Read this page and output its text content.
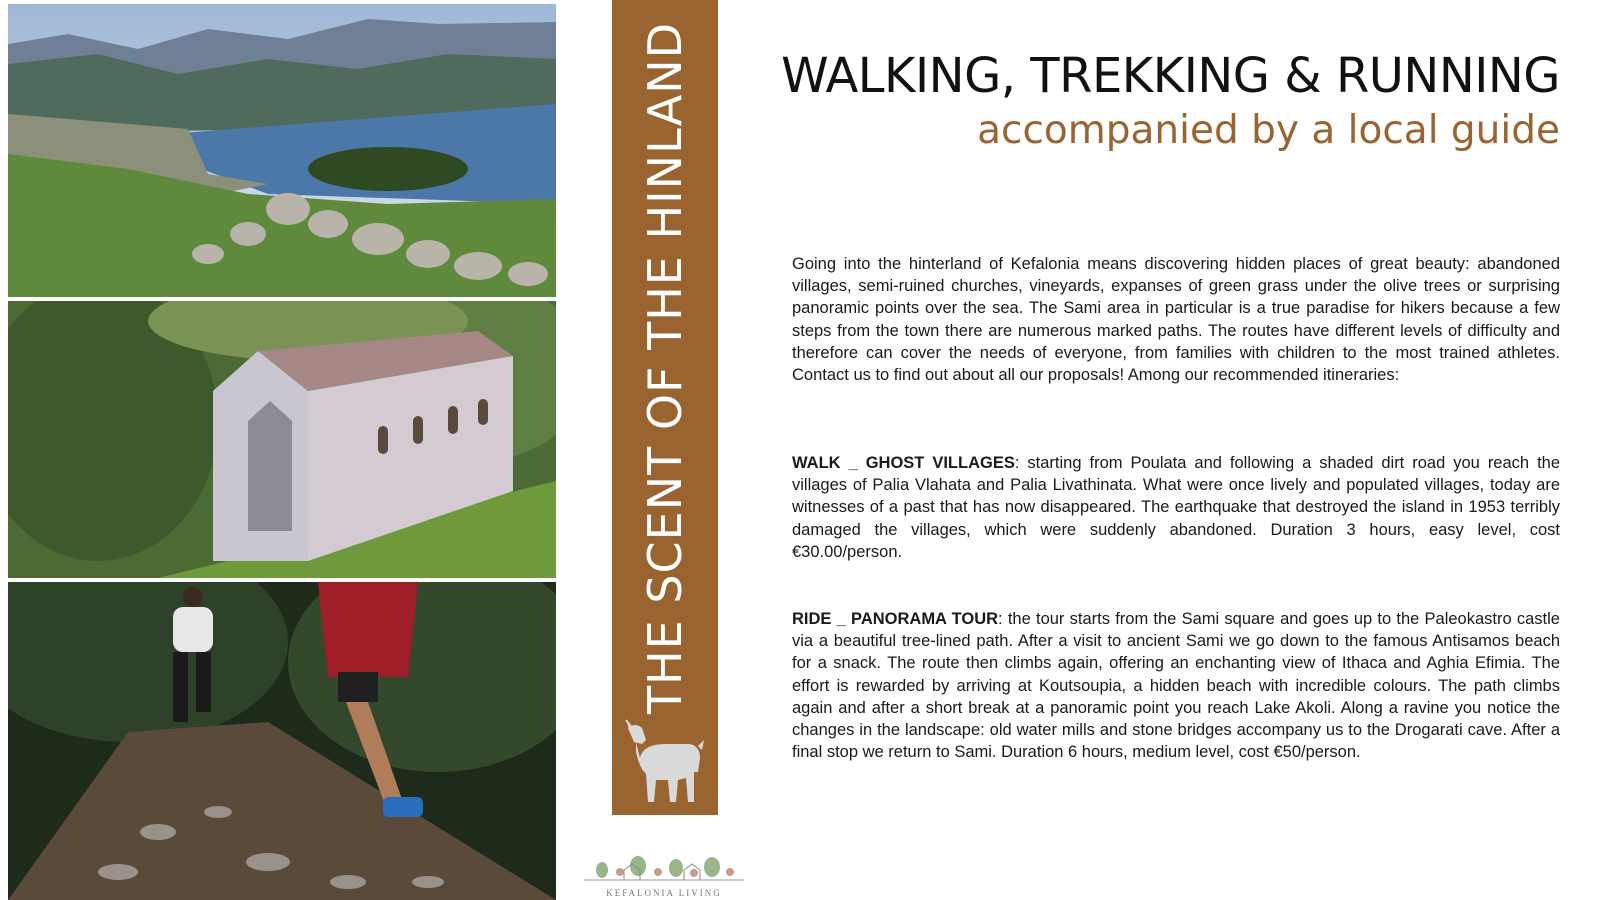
THE SCENT OF THE HINLAND
KEFALONIA LIVING
WALKING, TREKKING & RUNNING
accompanied by a local guide

Going into the hinterland of Kefalonia means discovering hidden places of great beauty: abandoned villages, semi-ruined churches, vineyards, expanses of green grass under the olive trees or surprising panoramic points over the sea. The Sami area in particular is a true paradise for hikers because a few steps from the town there are numerous marked paths. The routes have different levels of difficulty and therefore can cover the needs of everyone, from families with children to the most trained athletes. Contact us to find out about all our proposals! Among our recommended itineraries:

WALK _ GHOST VILLAGES: starting from Poulata and following a shaded dirt road you reach the villages of Palia Vlahata and Palia Livathinata. What were once lively and populated villages, today are witnesses of a past that has now disappeared. The earthquake that destroyed the island in 1953 terribly damaged the villages, which were suddenly abandoned. Duration 3 hours, easy level, cost €30.00/person.

RIDE _ PANORAMA TOUR: the tour starts from the Sami square and goes up to the Paleokastro castle via a beautiful tree-lined path. After a visit to ancient Sami we go down to the famous Antisamos beach for a snack. The route then climbs again, offering an enchanting view of Ithaca and Aghia Efimia. The effort is rewarded by arriving at Koutsoupia, a hidden beach with incredible colours. The path climbs again and after a short break at a panoramic point you reach Lake Akoli. Along a ravine you notice the changes in the landscape: old water mills and stone bridges accompany us to the Drogarati cave. After a final stop we return to Sami. Duration 6 hours, medium level, cost €50/person.
